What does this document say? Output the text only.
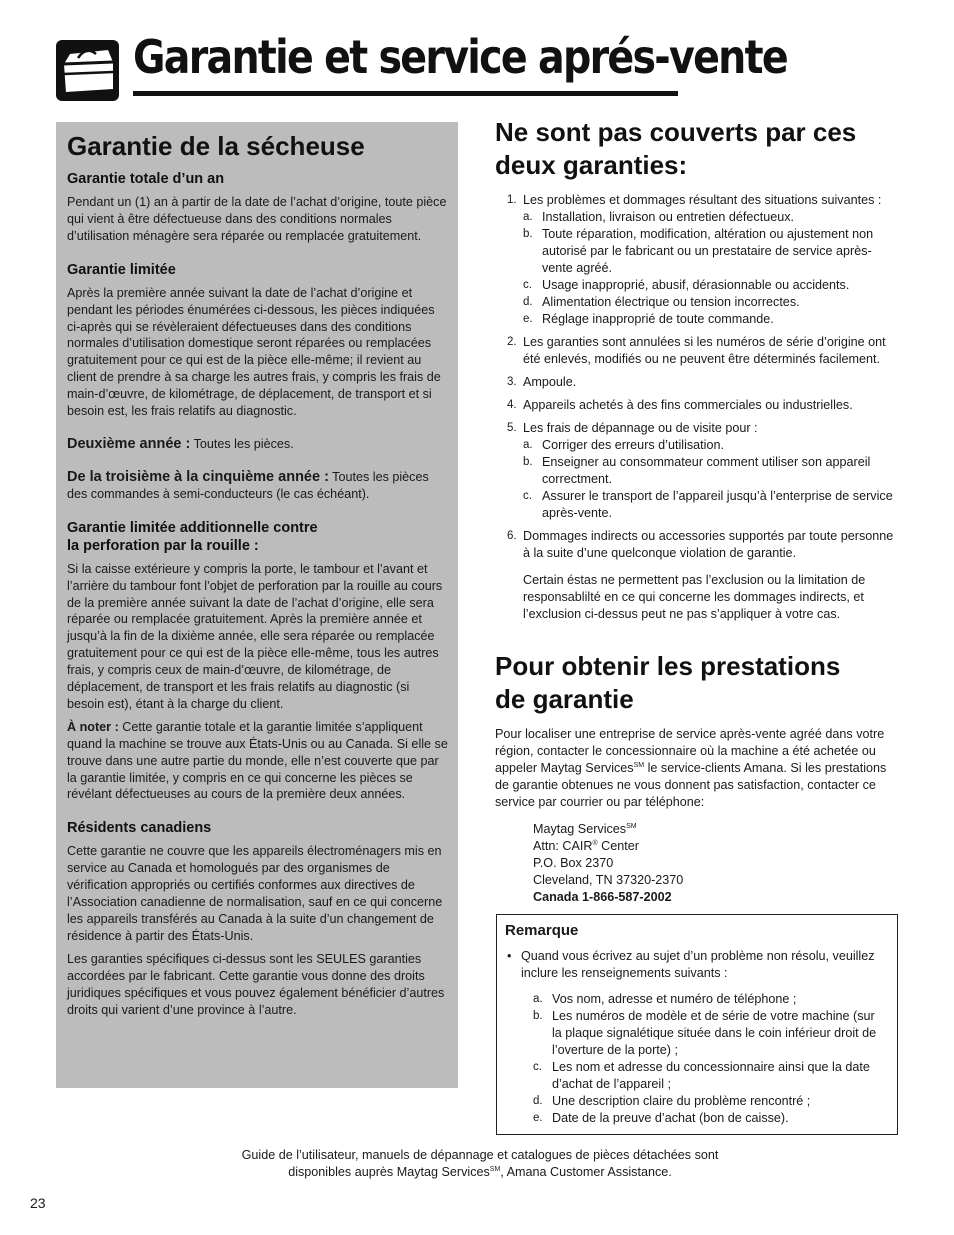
Garantie et service aprés-vente
Garantie de la sécheuse
Garantie totale d’un an
Pendant un (1) an à partir de la date de l’achat d’origine, toute pièce qui vient à être défectueuse dans des conditions normales d’utilisation ménagère sera réparée ou remplacée gratuitement.
Garantie limitée
Après la première année suivant la date de l’achat d’origine et pendant les périodes énumérées ci-dessous, les pièces indiquées ci-après qui se révèleraient défectueuses dans des conditions normales d’utilisation domestique seront réparées ou remplacées gratuitement pour ce qui est de la pièce elle-même; il revient au client de prendre à sa charge les autres frais, y compris les frais de main-d’œuvre, de kilométrage, de déplacement, de transport et si besoin est, les frais relatifs au diagnostic.
Deuxième année : Toutes les pièces.
De la troisième à la cinquième année : Toutes les pièces des commandes à semi-conducteurs (le cas échéant).
Garantie limitée additionnelle contre
la perforation par la rouille :
Si la caisse extérieure y compris la porte, le tambour et l’avant et l’arrière du tambour font l’objet de perforation par la rouille au cours de la première année suivant la date de l’achat d’origine, elle sera réparée ou remplacée gratuitement. Après la première année et jusqu’à la fin de la dixième année, elle sera réparée ou remplacée gratuitement pour ce qui est de la pièce elle-même, tous les autres frais, y compris ceux de main-d’œuvre, de kilométrage, de déplacement, de transport et les frais relatifs au diagnostic (si besoin est), étant à la charge du client.
À noter : Cette garantie totale et la garantie limitée s’appliquent quand la machine se trouve aux États-Unis ou au Canada. Si elle se trouve dans une autre partie du monde, elle n’est couverte que par la garantie limitée, y compris en ce qui concerne les pièces se révélant défectueuses au cours de la première deux années.
Résidents canadiens
Cette garantie ne couvre que les appareils électroménagers mis en service au Canada et homologués par des organismes de vérification appropriés ou certifiés conformes aux directives de l’Association canadienne de normalisation, sauf en ce qui concerne les appareils transférés au Canada à la suite d’un changement de résidence à partir des États-Unis.
Les garanties spécifiques ci-dessus sont les SEULES garanties accordées par le fabricant. Cette garantie vous donne des droits juridiques spécifiques et vous pouvez également bénéficier d’autres droits qui varient d’une province à l’autre.
Ne sont pas couverts par ces
deux garanties:
1. Les problèmes et dommages résultant des situations suivantes :
a. Installation, livraison ou entretien défectueux.
b. Toute réparation, modification, altération ou ajustement non autorisé par le fabricant ou un prestataire de service après-vente agréé.
c. Usage inapproprié, abusif, dérasionnable ou accidents.
d. Alimentation électrique ou tension incorrectes.
e. Réglage inapproprié de toute commande.
2. Les garanties sont annulées si les numéros de série d’origine ont été enlevés, modifiés ou ne peuvent être déterminés facilement.
3. Ampoule.
4. Appareils achetés à des fins commerciales ou industrielles.
5. Les frais de dépannage ou de visite pour :
a. Corriger des erreurs d’utilisation.
b. Enseigner au consommateur comment utiliser son appareil correctment.
c. Assurer le transport de l’appareil jusqu’à l’enterprise de service après-vente.
6. Dommages indirects ou accessories supportés par toute personne à la suite d’une quelconque violation de garantie.
Certain éstas ne permettent pas l’exclusion ou la limitation de responsablilté en ce qui concerne les dommages indirects, et l’exclusion ci-dessus peut ne pas s’appliquer à votre cas.
Pour obtenir les prestations
de garantie
Pour localiser une entreprise de service après-vente agréé dans votre région, contacter le concessionnaire où la machine a été achetée ou appeler Maytag Services℠ le service-clients Amana. Si les prestations de garantie obtenues ne vous donnent pas satisfaction, contacter ce service par courrier ou par téléphone:
Maytag Services℠
Attn: CAIR® Center
P.O. Box 2370
Cleveland, TN 37320-2370
Canada 1-866-587-2002
Remarque
• Quand vous écrivez au sujet d’un problème non résolu, veuillez inclure les renseignements suivants :
a. Vos nom, adresse et numéro de téléphone ;
b. Les numéros de modèle et de série de votre machine (sur la plaque signalétique située dans le coin inférieur droit de l’overture de la porte) ;
c. Les nom et adresse du concessionnaire ainsi que la date d’achat de l’appareil ;
d. Une description claire du problème rencontré ;
e. Date de la preuve d’achat (bon de caisse).
Guide de l’utilisateur, manuels de dépannage et catalogues de pièces détachées sont
disponibles auprès Maytag Services℠, Amana Customer Assistance.
23
